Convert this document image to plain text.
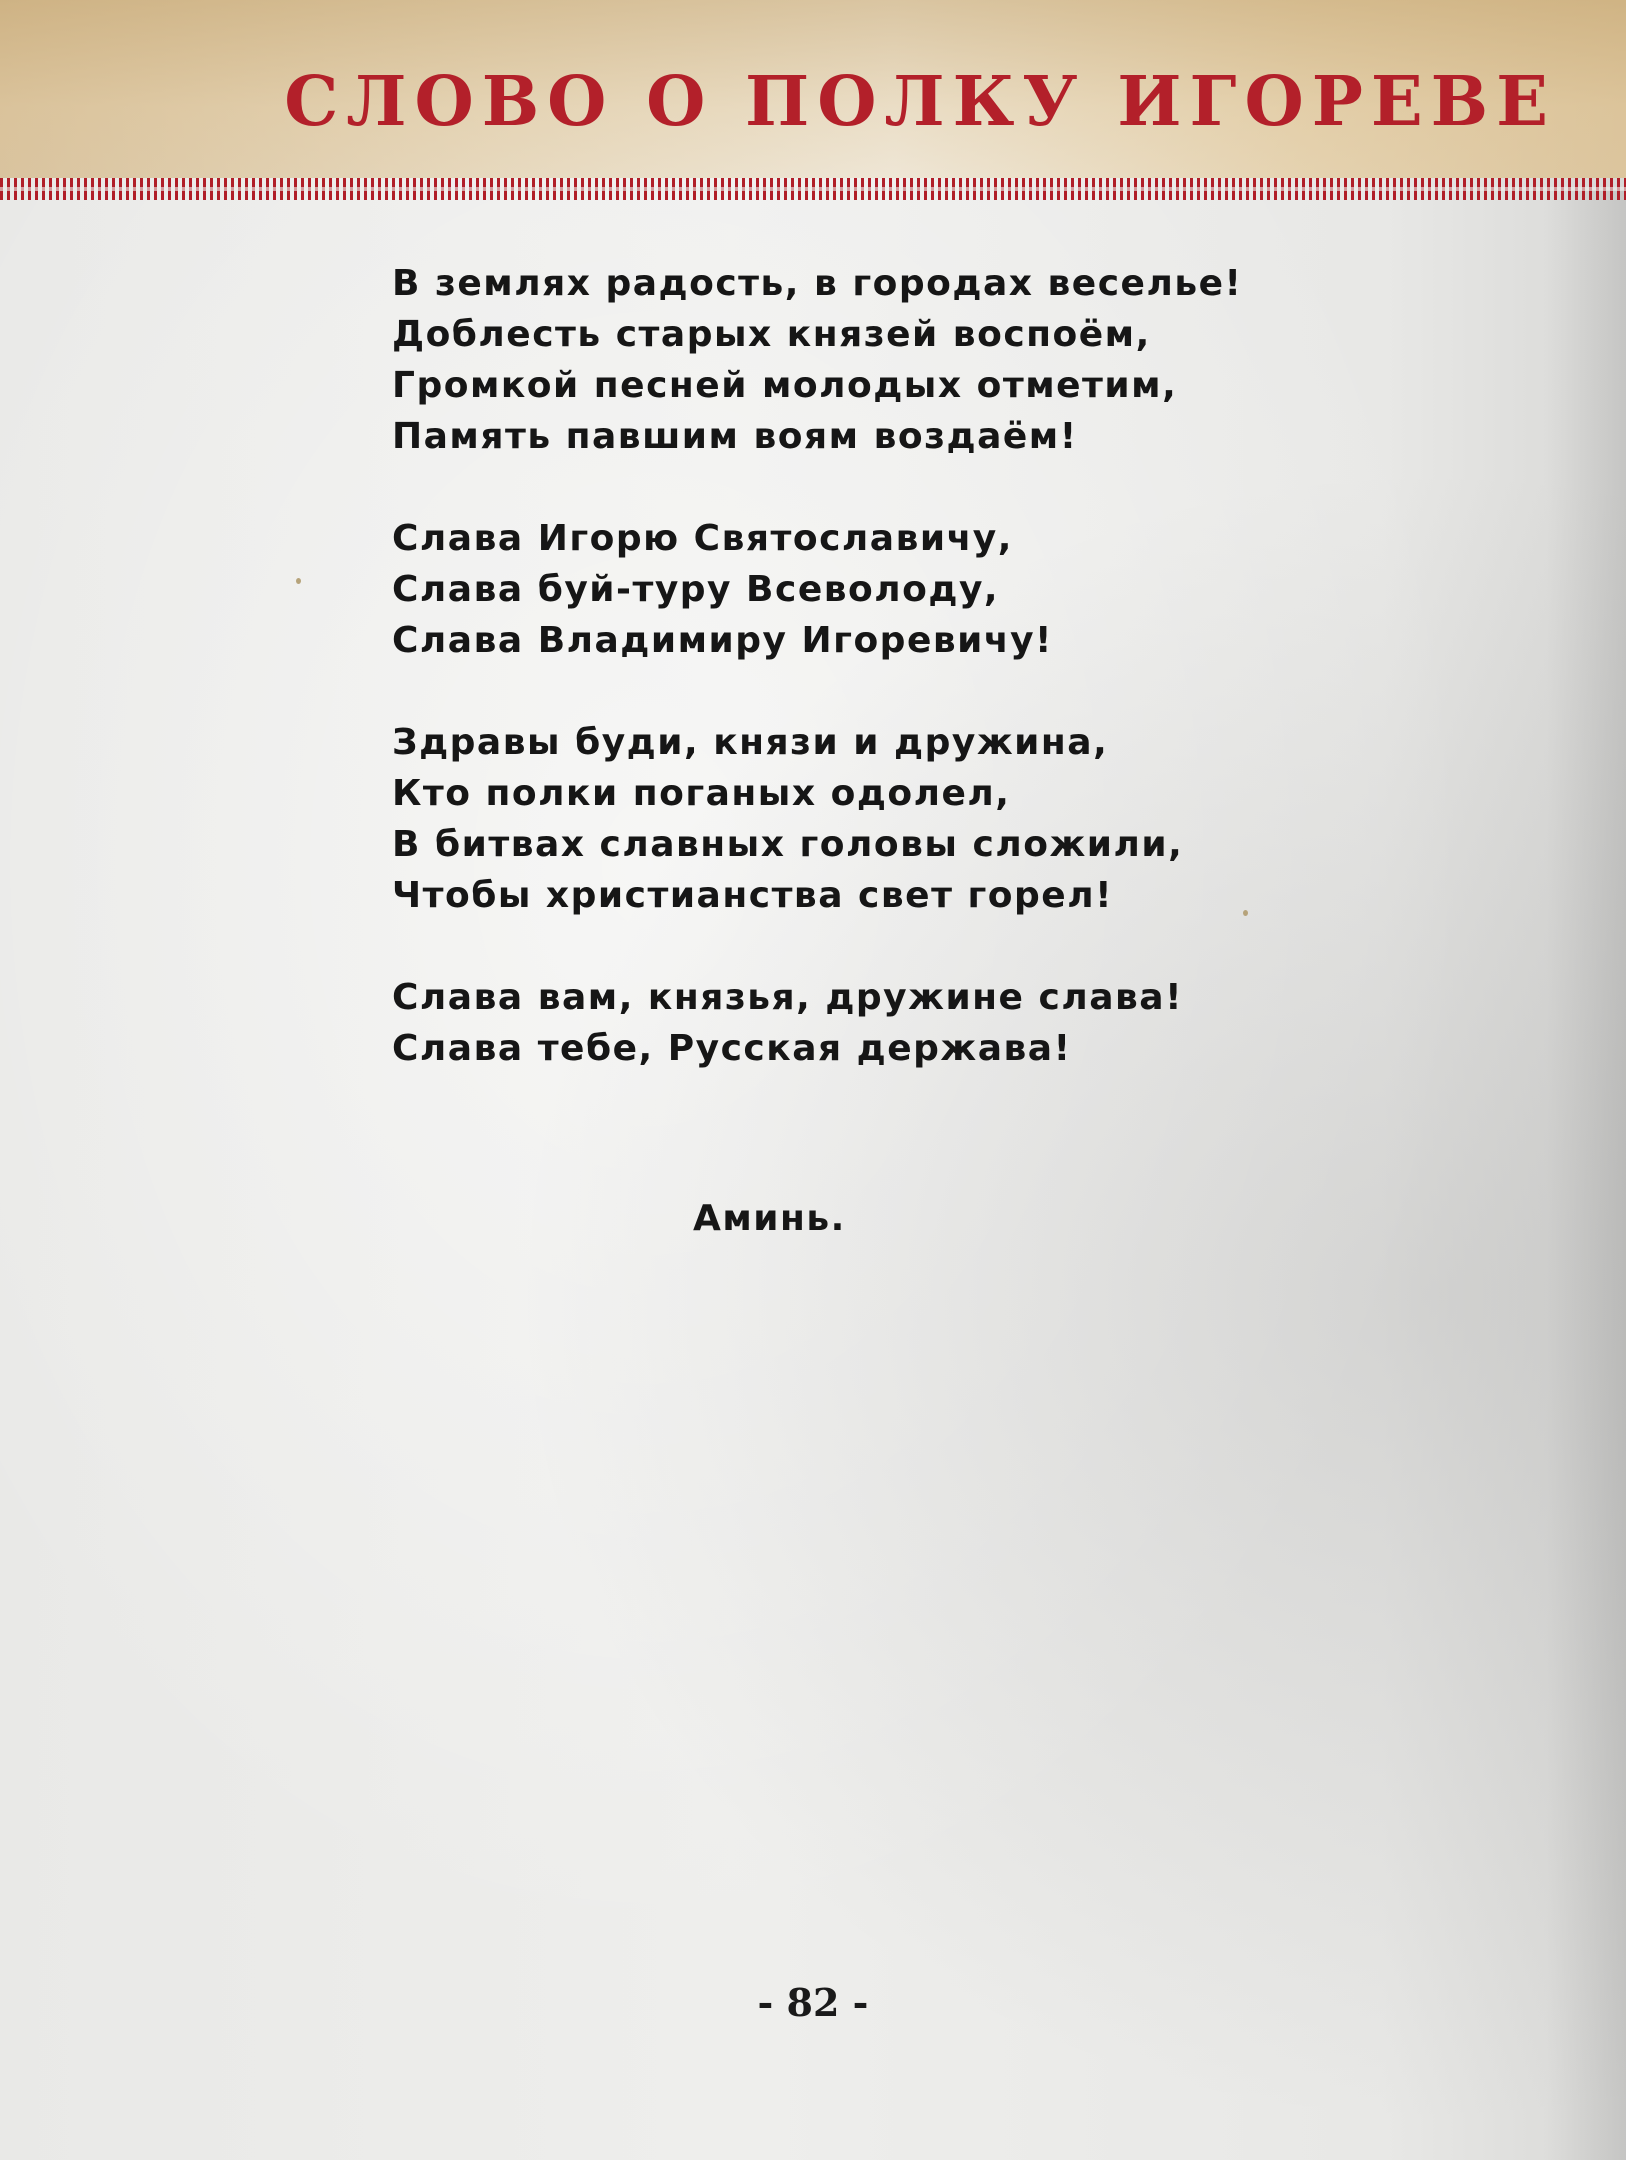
СЛОВО О ПОЛКУ ИГОРЕВЕ
В землях радость, в городах веселье!
Доблесть старых князей воспоём,
Громкой песней молодых отметим,
Память павшим воям воздаём!
Слава Игорю Святославичу,
Слава буй-туру Всеволоду,
Слава Владимиру Игоревичу!
Здравы буди, князи и дружина,
Кто полки поганых одолел,
В битвах славных головы сложили,
Чтобы христианства свет горел!
Слава вам, князья, дружине слава!
Слава тебе, Русская держава!
Аминь.
- 82 -
